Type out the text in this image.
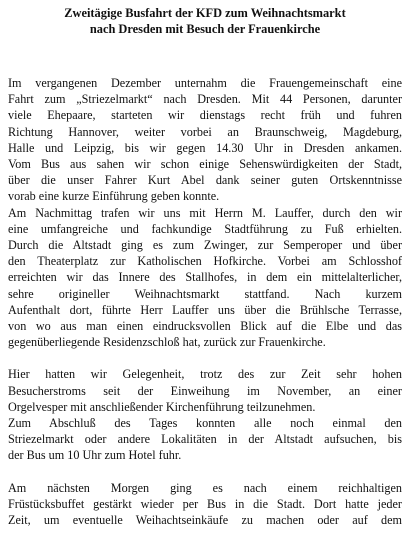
Zweitägige Busfahrt der KFD zum Weihnachtsmarkt
nach Dresden mit Besuch der Frauenkirche
Im vergangenen Dezember unternahm die Frauengemeinschaft eine
Fahrt zum „Striezelmarkt“ nach Dresden. Mit 44 Personen, darunter
viele Ehepaare, starteten wir dienstags recht früh und fuhren
Richtung Hannover, weiter vorbei an Braunschweig, Magdeburg,
Halle und Leipzig, bis wir gegen 14.30 Uhr in Dresden ankamen.
Vom Bus aus sahen wir schon einige Sehenswürdigkeiten der Stadt,
über die unser Fahrer Kurt Abel dank seiner guten Ortskenntnisse
vorab eine kurze Einführung geben konnte.
Am Nachmittag trafen wir uns mit Herrn M. Lauffer, durch den wir
eine umfangreiche und fachkundige Stadtführung zu Fuß erhielten.
Durch die Altstadt ging es zum Zwinger, zur Semperoper und über
den Theaterplatz zur Katholischen Hofkirche. Vorbei am Schlosshof
erreichten wir das Innere des Stallhofes, in dem ein mittelalterlicher,
sehre origineller Weihnachtsmarkt stattfand. Nach kurzem
Aufenthalt dort, führte Herr Lauffer uns über die Brühlsche Terrasse,
von wo aus man einen eindrucksvollen Blick auf die Elbe und das
gegenüberliegende Residenzschloß hat, zurück zur Frauenkirche.
Hier hatten wir Gelegenheit, trotz des zur Zeit sehr hohen
Besucherstroms seit der Einweihung im November, an einer
Orgelvesper mit anschließender Kirchenführung teilzunehmen.
Zum Abschluß des Tages konnten alle noch einmal den
Striezelmarkt oder andere Lokalitäten in der Altstadt aufsuchen, bis
der Bus um 10 Uhr zum Hotel fuhr.
Am nächsten Morgen ging es nach einem reichhaltigen
Früstücksbuffet gestärkt wieder per Bus in die Stadt. Dort hatte jeder
Zeit, um eventuelle Weihachtseinkäufe zu machen oder auf dem
